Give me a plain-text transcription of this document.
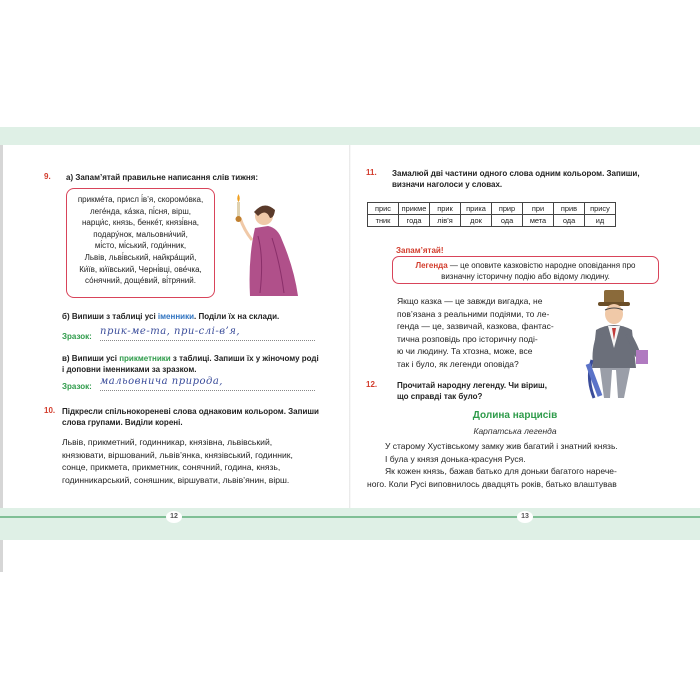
12	13
9. а) Запам’ятай правильне написання слів тижня:
прикме́та, присл і́в’я, скоромо́вка,
леге́нда, ка́зка, пі́сня, вірш,
нарци́с, князь, бенке́т, князі́вна,
подару́нок, мальовни́чий,
мі́сто, мі́ський, годи́нник,
Львів, льві́вський, найкра́щий,
Ки́їв, ки́ївський, Черні́вці, ове́чка,
со́нячний, доще́вий, ві́тряний.
б) Випиши з таблиці усі іменники. Поділи їх на склади.
Зразок: прик-ме-та, при-слі-в’я,
в) Випиши усі прикметники з таблиці. Запиши їх у жіночому роді
і доповни іменниками за зразком.
Зразок: мальовнича природа,
10. Підкресли спільнокореневі слова однаковим кольором. Запиши
слова групами. Виділи корені.
Львів, прикметний, годинникар, князівна, львівський,
князювати, віршований, львів’янка, князівський, годинник,
сонце, прикмета, прикметник, сонячний, година, князь,
годинникарський, соняшник, віршувати, львів’янин, вірш.
11. Замалюй дві частини одного слова одним кольором. Запиши,
визначи наголоси у словах.
прис	прикме	прик	прика	прир	при	прив	прису
тник	года	лів’я	док	ода	мета	ода	ид
Запам’ятай!
Легенда — це оповите казковістю народне оповідання про
визначну історичну подію або відому людину.
Якщо казка — це завжди вигадка, не
пов’язана з реальними подіями, то ле-
генда — це, зазвичай, казкова, фантас-
тична розповідь про історичну поді-
ю чи людину. Та хтозна, може, все
так і було, як легенди оповіда?
12. Прочитай народну легенду. Чи віриш,
що справді так було?
Долина нарцисів
Карпатська легенда

У старому Хустівському замку жив багатий і знатний князь.

І була у князя донька-красуня Руся.

Як кожен князь, бажав батько для доньки багатого нарече-

ного. Коли Русі виповнилось двадцять років, батько влаштував
